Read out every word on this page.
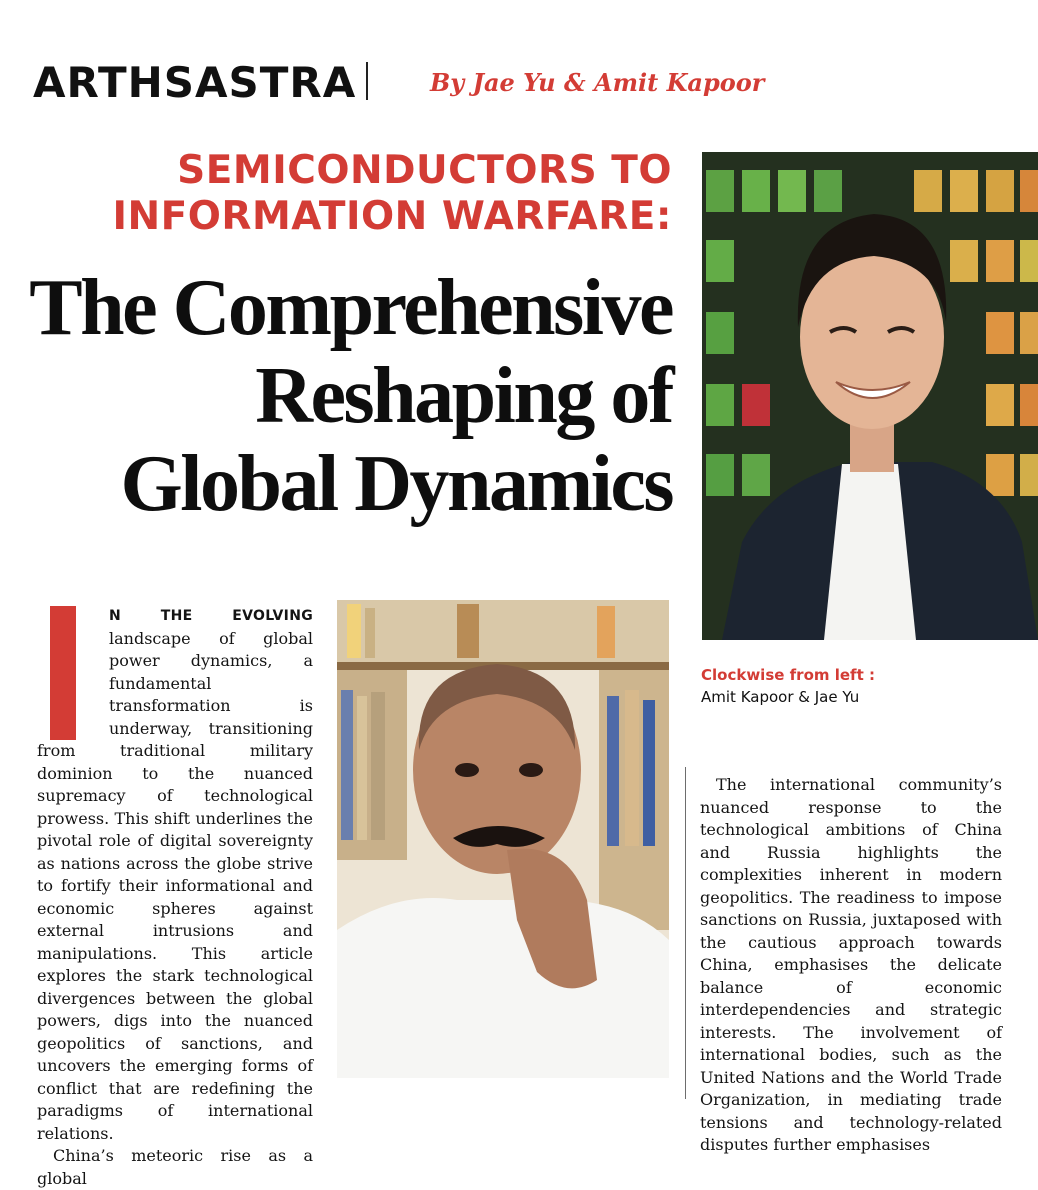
ARTHSASTRA	By Jae Yu & Amit Kapoor
SEMICONDUCTORS TO
INFORMATION WARFARE:
The Comprehensive
Reshaping of
Global Dynamics
Clockwise from left :
Amit Kapoor & Jae Yu

N THE EVOLVING landscape of global power dynamics, a fundamental transformation is underway, transitioning from traditional military dominion to the nuanced supremacy of technological prowess. This shift underlines the pivotal role of digital sovereignty as nations across the globe strive to fortify their informational and economic spheres against external intrusions and manipulations. This article explores the stark technological divergences between the global powers, digs into the nuanced geopolitics of sanctions, and uncovers the emerging forms of conflict that are redefining the paradigms of international relations.

China’s meteoric rise as a global

The international community’s nuanced response to the technological ambitions of China and Russia highlights the complexities inherent in modern geopolitics. The readiness to impose sanctions on Russia, juxtaposed with the cautious approach towards China, emphasises the delicate balance of economic interdependencies and strategic interests. The involvement of international bodies, such as the United Nations and the World Trade Organization, in mediating trade tensions and technology-related disputes further emphasises
